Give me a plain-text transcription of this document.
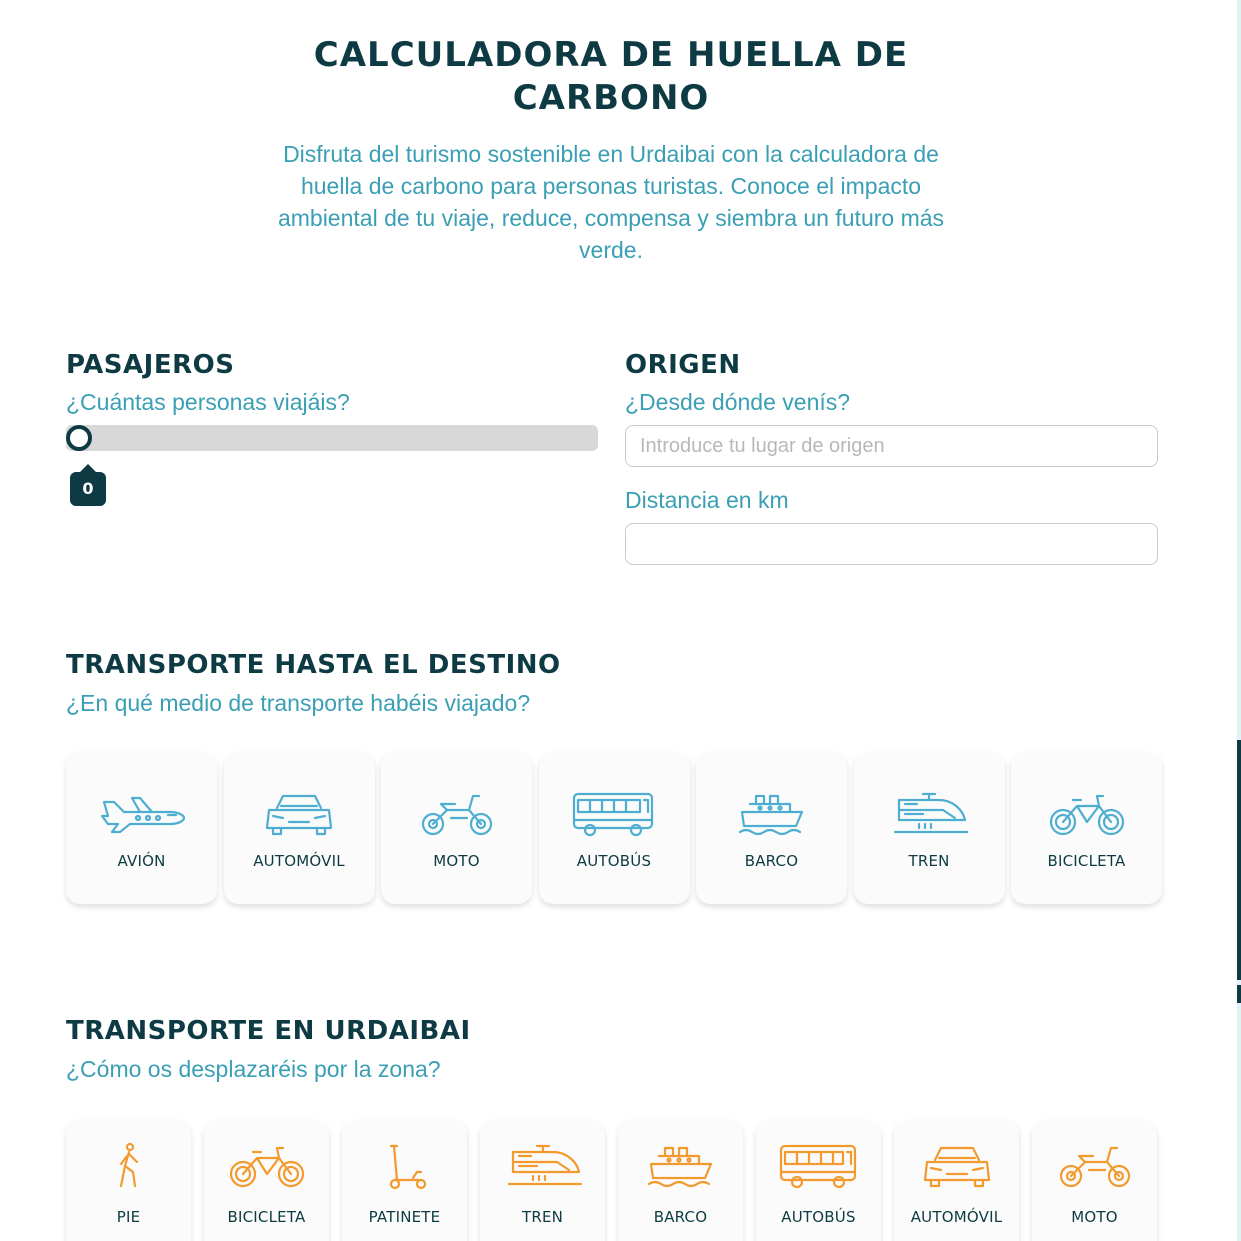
CALCULADORA DE HUELLA DE CARBONO

Disfruta del turismo sostenible en Urdaibai con la calculadora de huella de carbono para personas turistas. Conoce el impacto ambiental de tu viaje, reduce, compensa y siembra un futuro más verde.

PASAJEROS

¿Cuántas personas viajáis?

0
ORIGEN

¿Desde dónde venís?

Introduce tu lugar de origen

Distancia en km

TRANSPORTE HASTA EL DESTINO

¿En qué medio de transporte habéis viajado?

AVIÓN	AUTOMÓVIL	MOTO	AUTOBÚS	BARCO	TREN	BICICLETA
TRANSPORTE EN URDAIBAI

¿Cómo os desplazaréis por la zona?

PIE	BICICLETA	PATINETE	TREN	BARCO	AUTOBÚS	AUTOMÓVIL	MOTO
